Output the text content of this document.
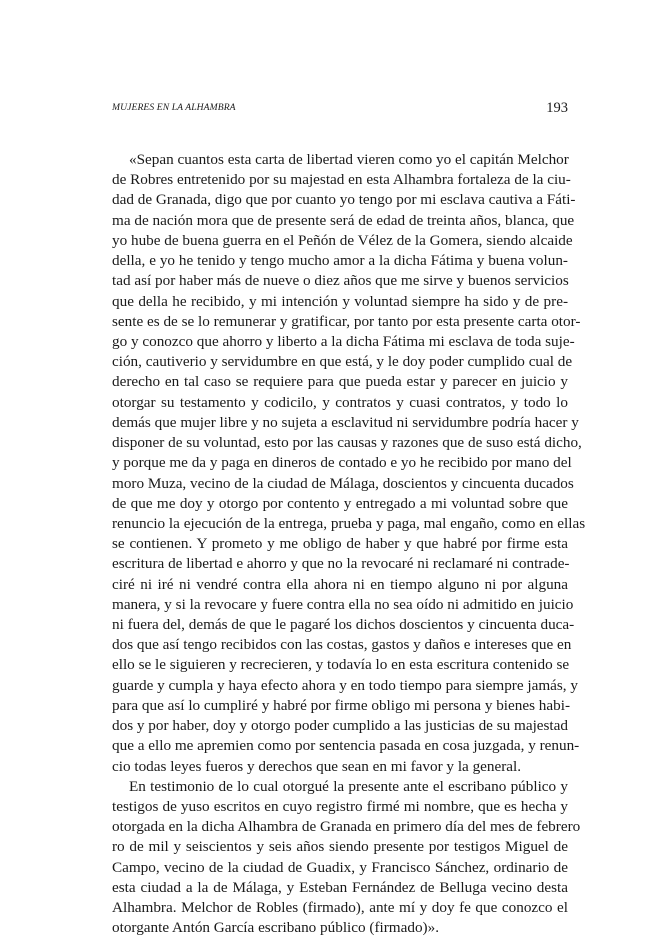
MUJERES EN LA ALHAMBRA	193
«Sepan cuantos esta carta de libertad vieren como yo el capitán Melchor
de Robres entretenido por su majestad en esta Alhambra fortaleza de la ciu-
dad de Granada, digo que por cuanto yo tengo por mi esclava cautiva a Fáti-
ma de nación mora que de presente será de edad de treinta años, blanca, que
yo hube de buena guerra en el Peñón de Vélez de la Gomera, siendo alcaide
della, e yo he tenido y tengo mucho amor a la dicha Fátima y buena volun-
tad así por haber más de nueve o diez años que me sirve y buenos servicios
que della he recibido, y mi intención y voluntad siempre ha sido y de pre-
sente es de se lo remunerar y gratificar, por tanto por esta presente carta otor-
go y conozco que ahorro y liberto a la dicha Fátima mi esclava de toda suje-
ción, cautiverio y servidumbre en que está, y le doy poder cumplido cual de
derecho en tal caso se requiere para que pueda estar y parecer en juicio y
otorgar su testamento y codicilo, y contratos y cuasi contratos, y todo lo
demás que mujer libre y no sujeta a esclavitud ni servidumbre podría hacer y
disponer de su voluntad, esto por las causas y razones que de suso está dicho,
y porque me da y paga en dineros de contado e yo he recibido por mano del
moro Muza, vecino de la ciudad de Málaga, doscientos y cincuenta ducados
de que me doy y otorgo por contento y entregado a mi voluntad sobre que
renuncio la ejecución de la entrega, prueba y paga, mal engaño, como en ellas
se contienen. Y prometo y me obligo de haber y que habré por firme esta
escritura de libertad e ahorro y que no la revocaré ni reclamaré ni contrade-
ciré ni iré ni vendré contra ella ahora ni en tiempo alguno ni por alguna
manera, y si la revocare y fuere contra ella no sea oído ni admitido en juicio
ni fuera del, demás de que le pagaré los dichos doscientos y cincuenta duca-
dos que así tengo recibidos con las costas, gastos y daños e intereses que en
ello se le siguieren y recrecieren, y todavía lo en esta escritura contenido se
guarde y cumpla y haya efecto ahora y en todo tiempo para siempre jamás, y
para que así lo cumpliré y habré por firme obligo mi persona y bienes habi-
dos y por haber, doy y otorgo poder cumplido a las justicias de su majestad
que a ello me apremien como por sentencia pasada en cosa juzgada, y renun-
cio todas leyes fueros y derechos que sean en mi favor y la general.
En testimonio de lo cual otorgué la presente ante el escribano público y
testigos de yuso escritos en cuyo registro firmé mi nombre, que es hecha y
otorgada en la dicha Alhambra de Granada en primero día del mes de febrero
ro de mil y seiscientos y seis años siendo presente por testigos Miguel de
Campo, vecino de la ciudad de Guadix, y Francisco Sánchez, ordinario de
esta ciudad a la de Málaga, y Esteban Fernández de Belluga vecino desta
Alhambra. Melchor de Robles (firmado), ante mí y doy fe que conozco el
otorgante Antón García escribano público (firmado)».
